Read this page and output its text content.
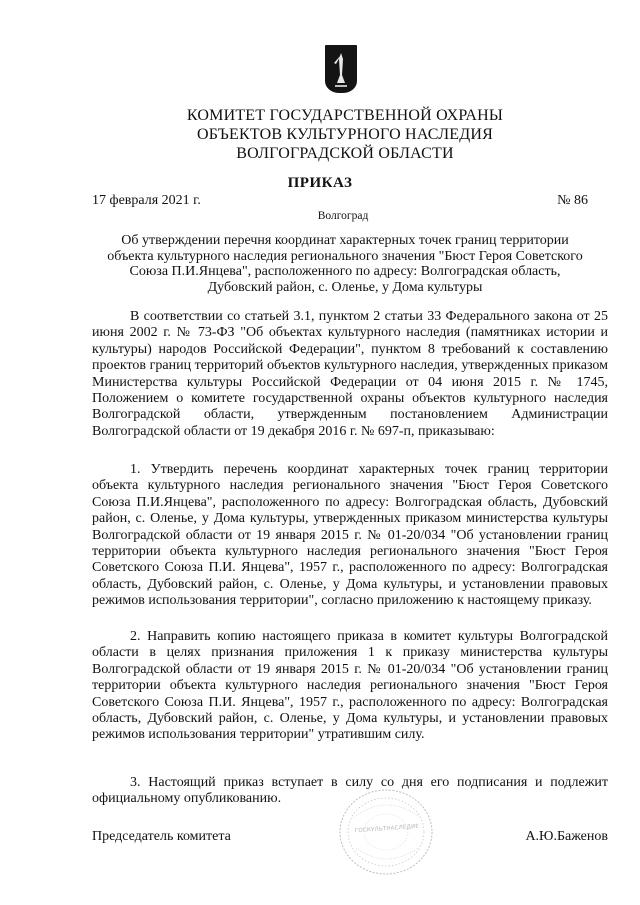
КОМИТЕТ ГОСУДАРСТВЕННОЙ ОХРАНЫ
ОБЪЕКТОВ КУЛЬТУРНОГО НАСЛЕДИЯ
ВОЛГОГРАДСКОЙ ОБЛАСТИ
ПРИКАЗ
17 февраля 2021 г.	№ 86
Волгоград
Об утверждении перечня координат характерных точек границ территории
объекта культурного наследия регионального значения "Бюст Героя Советского
Союза П.И.Янцева", расположенного по адресу: Волгоградская область,
Дубовский район, с. Оленье, у Дома культуры
В соответствии со статьей 3.1, пунктом 2 статьи 33 Федерального закона от 25 июня 2002 г. № 73-ФЗ "Об объектах культурного наследия (памятниках истории и культуры) народов Российской Федерации", пунктом 8 требований к составлению проектов границ территорий объектов культурного наследия, утвержденных приказом Министерства культуры Российской Федерации от 04 июня 2015 г. № 1745, Положением о комитете государственной охраны объектов культурного наследия Волгоградской области, утвержденным постановлением Администрации Волгоградской области от 19 декабря 2016 г. № 697-п, приказываю:
1. Утвердить перечень координат характерных точек границ территории объекта культурного наследия регионального значения "Бюст Героя Советского Союза П.И.Янцева", расположенного по адресу: Волгоградская область, Дубовский район, с. Оленье, у Дома культуры, утвержденных приказом министерства культуры Волгоградской области от 19 января 2015 г. № 01-20/034 "Об установлении границ территории объекта культурного наследия регионального значения "Бюст Героя Советского Союза П.И. Янцева", 1957 г., расположенного по адресу: Волгоградская область, Дубовский район, с. Оленье, у Дома культуры, и установлении правовых режимов использования территории", согласно приложению к настоящему приказу.
2. Направить копию настоящего приказа в комитет культуры Волгоградской области в целях признания приложения 1 к приказу министерства культуры Волгоградской области от 19 января 2015 г. № 01-20/034 "Об установлении границ территории объекта культурного наследия регионального значения "Бюст Героя Советского Союза П.И. Янцева", 1957 г., расположенного по адресу: Волгоградская область, Дубовский район, с. Оленье, у Дома культуры, и установлении правовых режимов использования территории" утратившим силу.
3. Настоящий приказ вступает в силу со дня его подписания и подлежит официальному опубликованию.
ГОСКУЛЬТНАСЛЕДИЕ
Председатель комитета	А.Ю.Баженов
